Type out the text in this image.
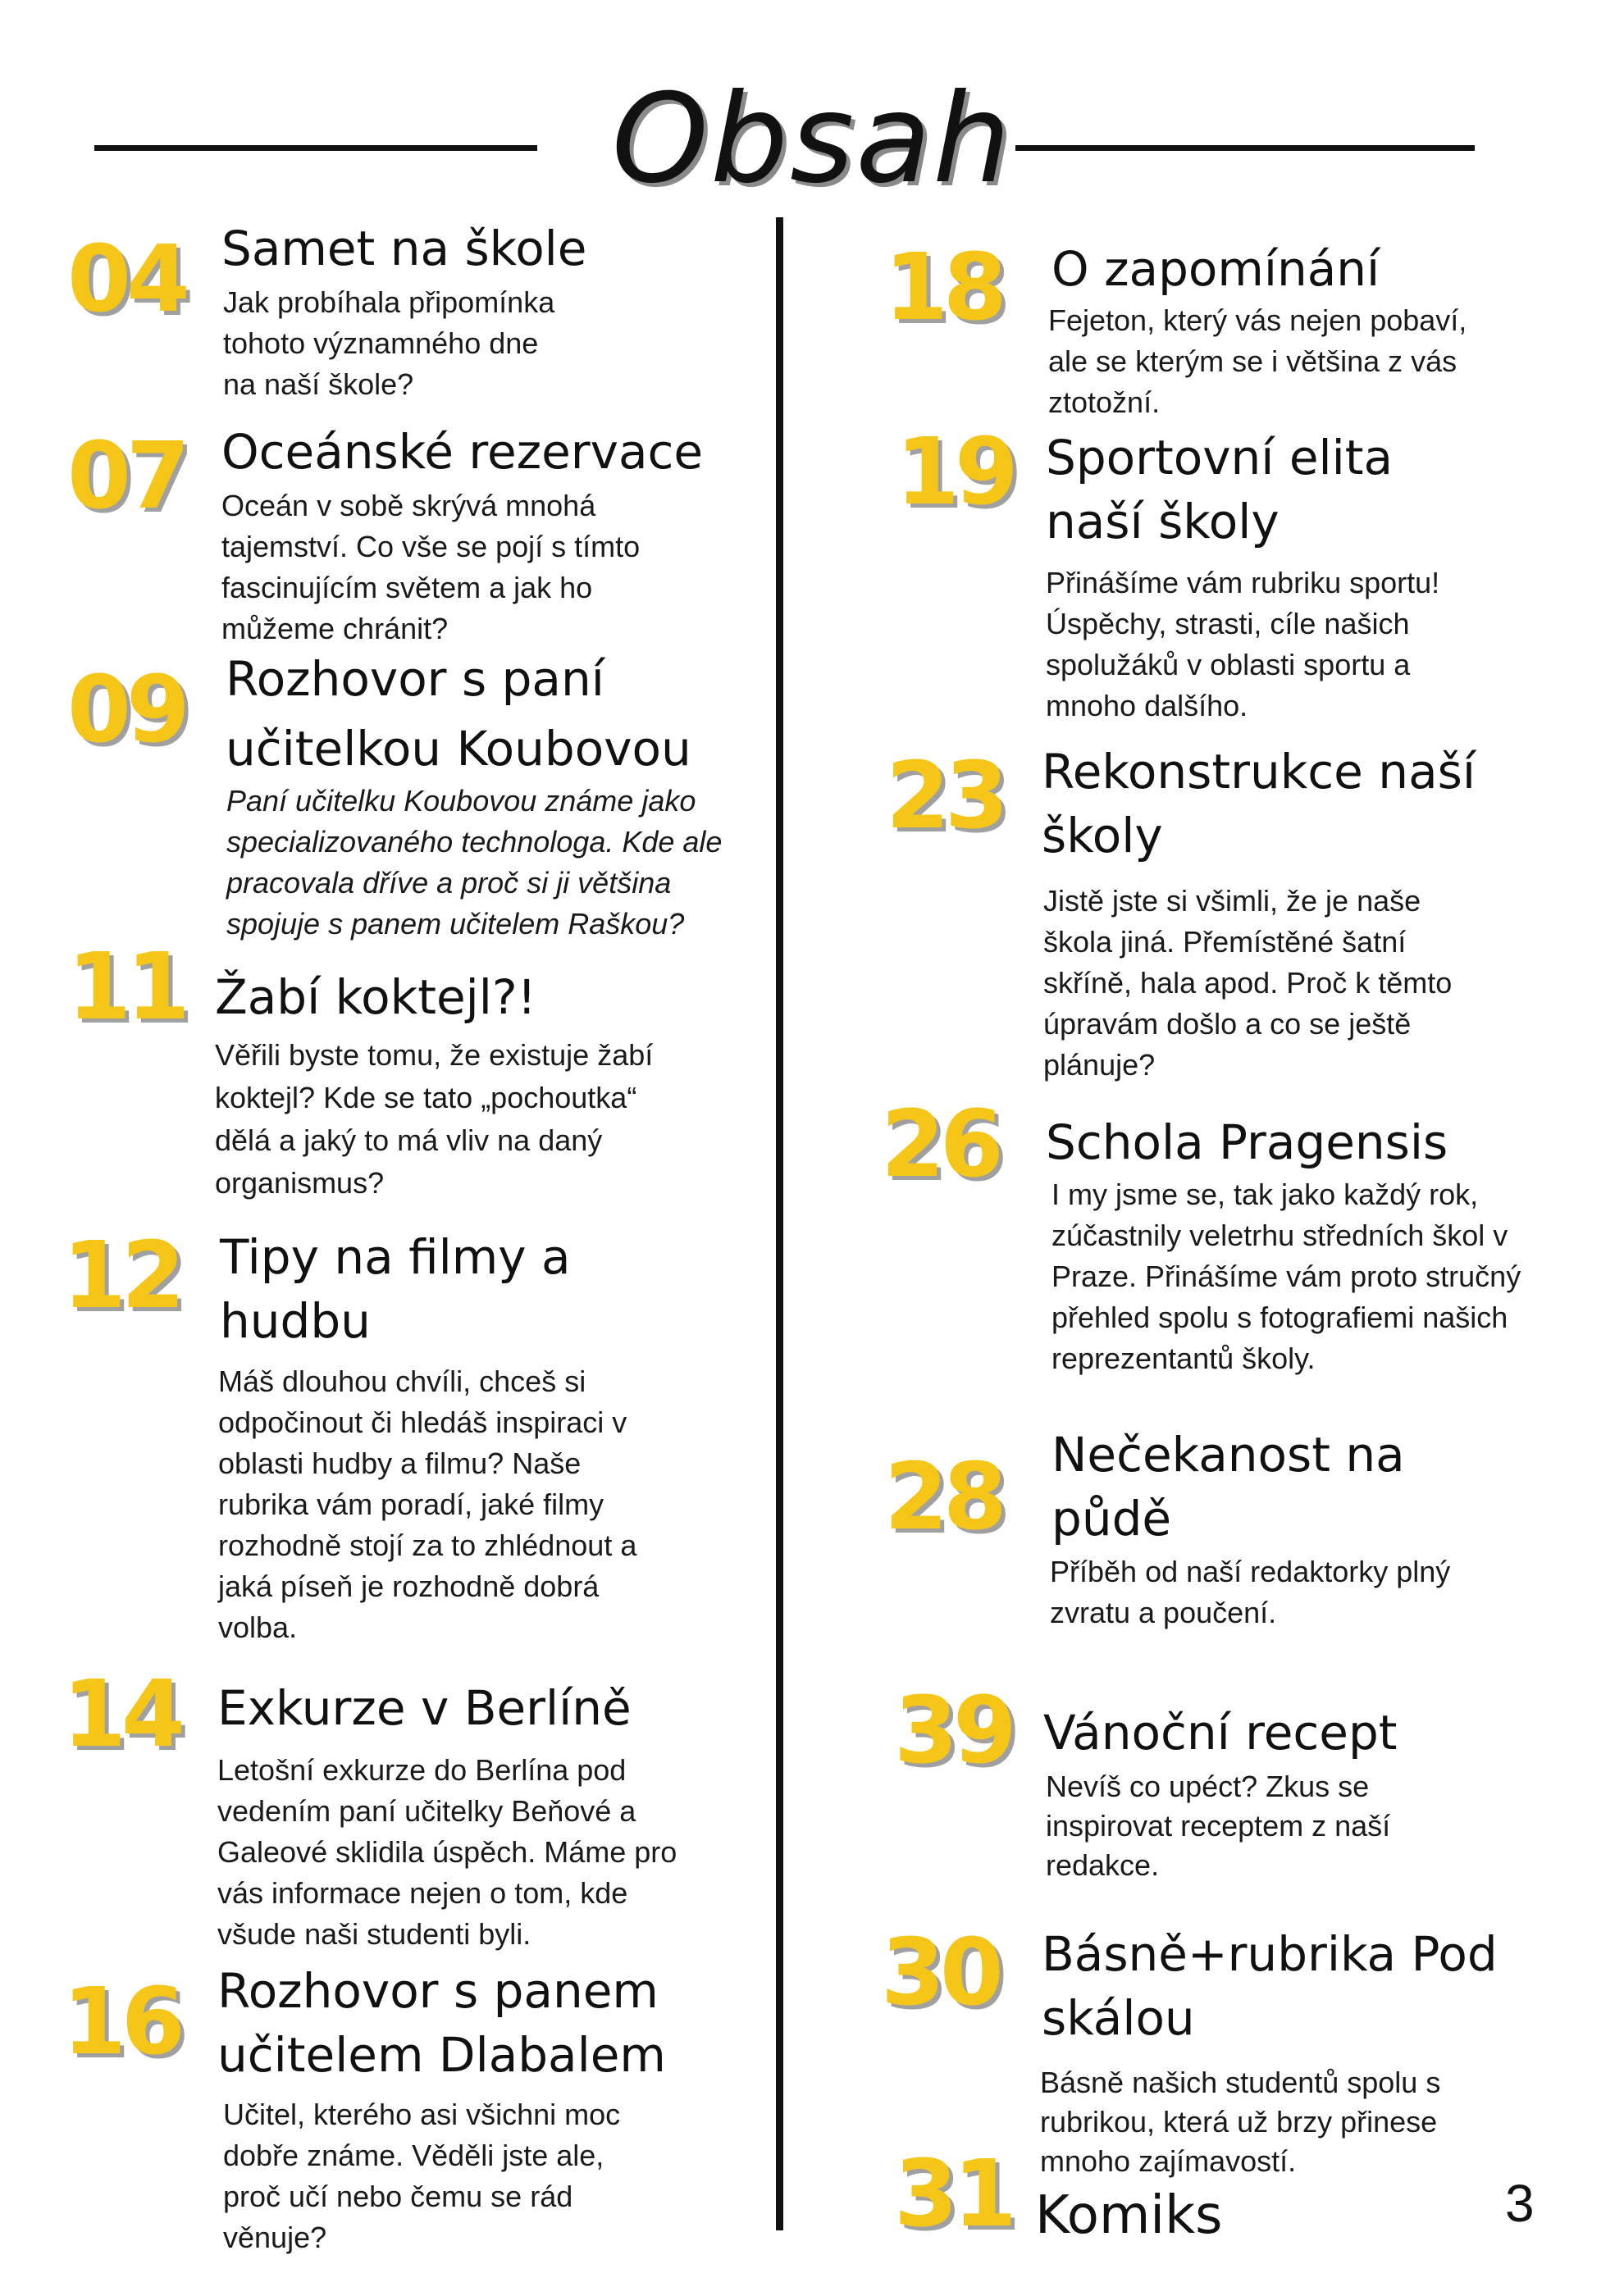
Obsah
04 Samet na škole
Jak probíhala připomínka
tohoto významného dne
na naší škole?
07 Oceánské rezervace
Oceán v sobě skrývá mnohá
tajemství. Co vše se pojí s tímto
fascinujícím světem a jak ho
můžeme chránit?
09 Rozhovor s paní
učitelkou Koubovou
Paní učitelku Koubovou známe jako
specializovaného technologa. Kde ale
pracovala dříve a proč si ji většina
spojuje s panem učitelem Raškou?
11 Žabí koktejl?!
Věřili byste tomu, že existuje žabí
koktejl? Kde se tato „pochoutka“
dělá a jaký to má vliv na daný
organismus?
12 Tipy na filmy a
hudbu
Máš dlouhou chvíli, chceš si
odpočinout či hledáš inspiraci v
oblasti hudby a filmu? Naše
rubrika vám poradí, jaké filmy
rozhodně stojí za to zhlédnout a
jaká píseň je rozhodně dobrá
volba.
14 Exkurze v Berlíně
Letošní exkurze do Berlína pod
vedením paní učitelky Beňové a
Galeové sklidila úspěch. Máme pro
vás informace nejen o tom, kde
všude naši studenti byli.
16 Rozhovor s panem
učitelem Dlabalem
Učitel, kterého asi všichni moc
dobře známe. Věděli jste ale,
proč učí nebo čemu se rád
věnuje?
18 O zapomínání
Fejeton, který vás nejen pobaví,
ale se kterým se i většina z vás
ztotožní.
19 Sportovní elita
naší školy
Přinášíme vám rubriku sportu!
Úspěchy, strasti, cíle našich
spolužáků v oblasti sportu a
mnoho dalšího.
23 Rekonstrukce naší
školy
Jistě jste si všimli, že je naše
škola jiná. Přemístěné šatní
skříně, hala apod. Proč k těmto
úpravám došlo a co se ještě
plánuje?
26 Schola Pragensis
I my jsme se, tak jako každý rok,
zúčastnily veletrhu středních škol v
Praze. Přinášíme vám proto stručný
přehled spolu s fotografiemi našich
reprezentantů školy.
28 Nečekanost na
půdě
Příběh od naší redaktorky plný
zvratu a poučení.
39 Vánoční recept
Nevíš co upéct? Zkus se
inspirovat receptem z naší
redakce.
30 Básně+rubrika Pod
skálou
Básně našich studentů spolu s
rubrikou, která už brzy přinese
mnoho zajímavostí.
31 Komiks	3
